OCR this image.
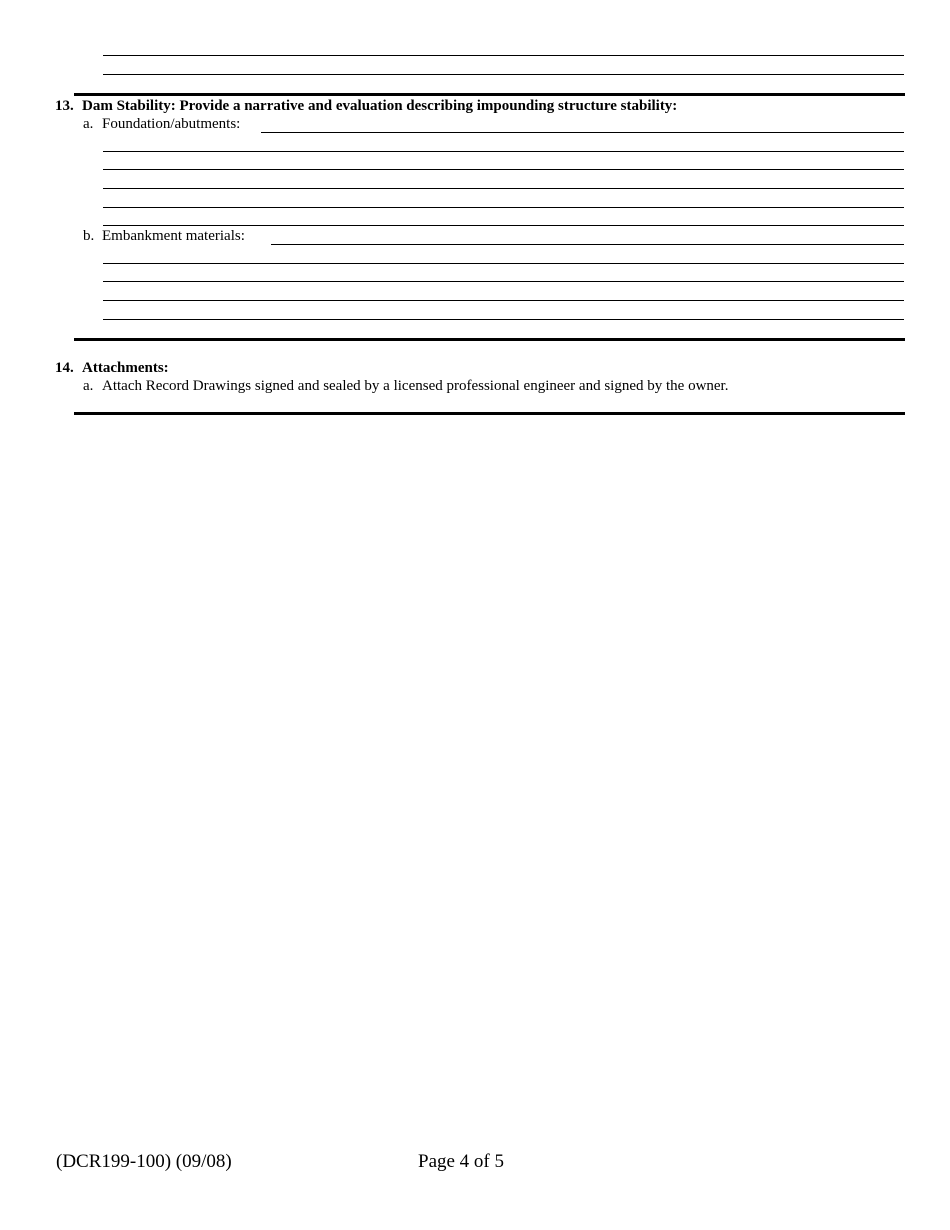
13. Dam Stability: Provide a narrative and evaluation describing impounding structure stability:
a. Foundation/abutments:
b. Embankment materials:
14. Attachments:
a. Attach Record Drawings signed and sealed by a licensed professional engineer and signed by the owner.
(DCR199-100) (09/08)	Page 4 of 5
